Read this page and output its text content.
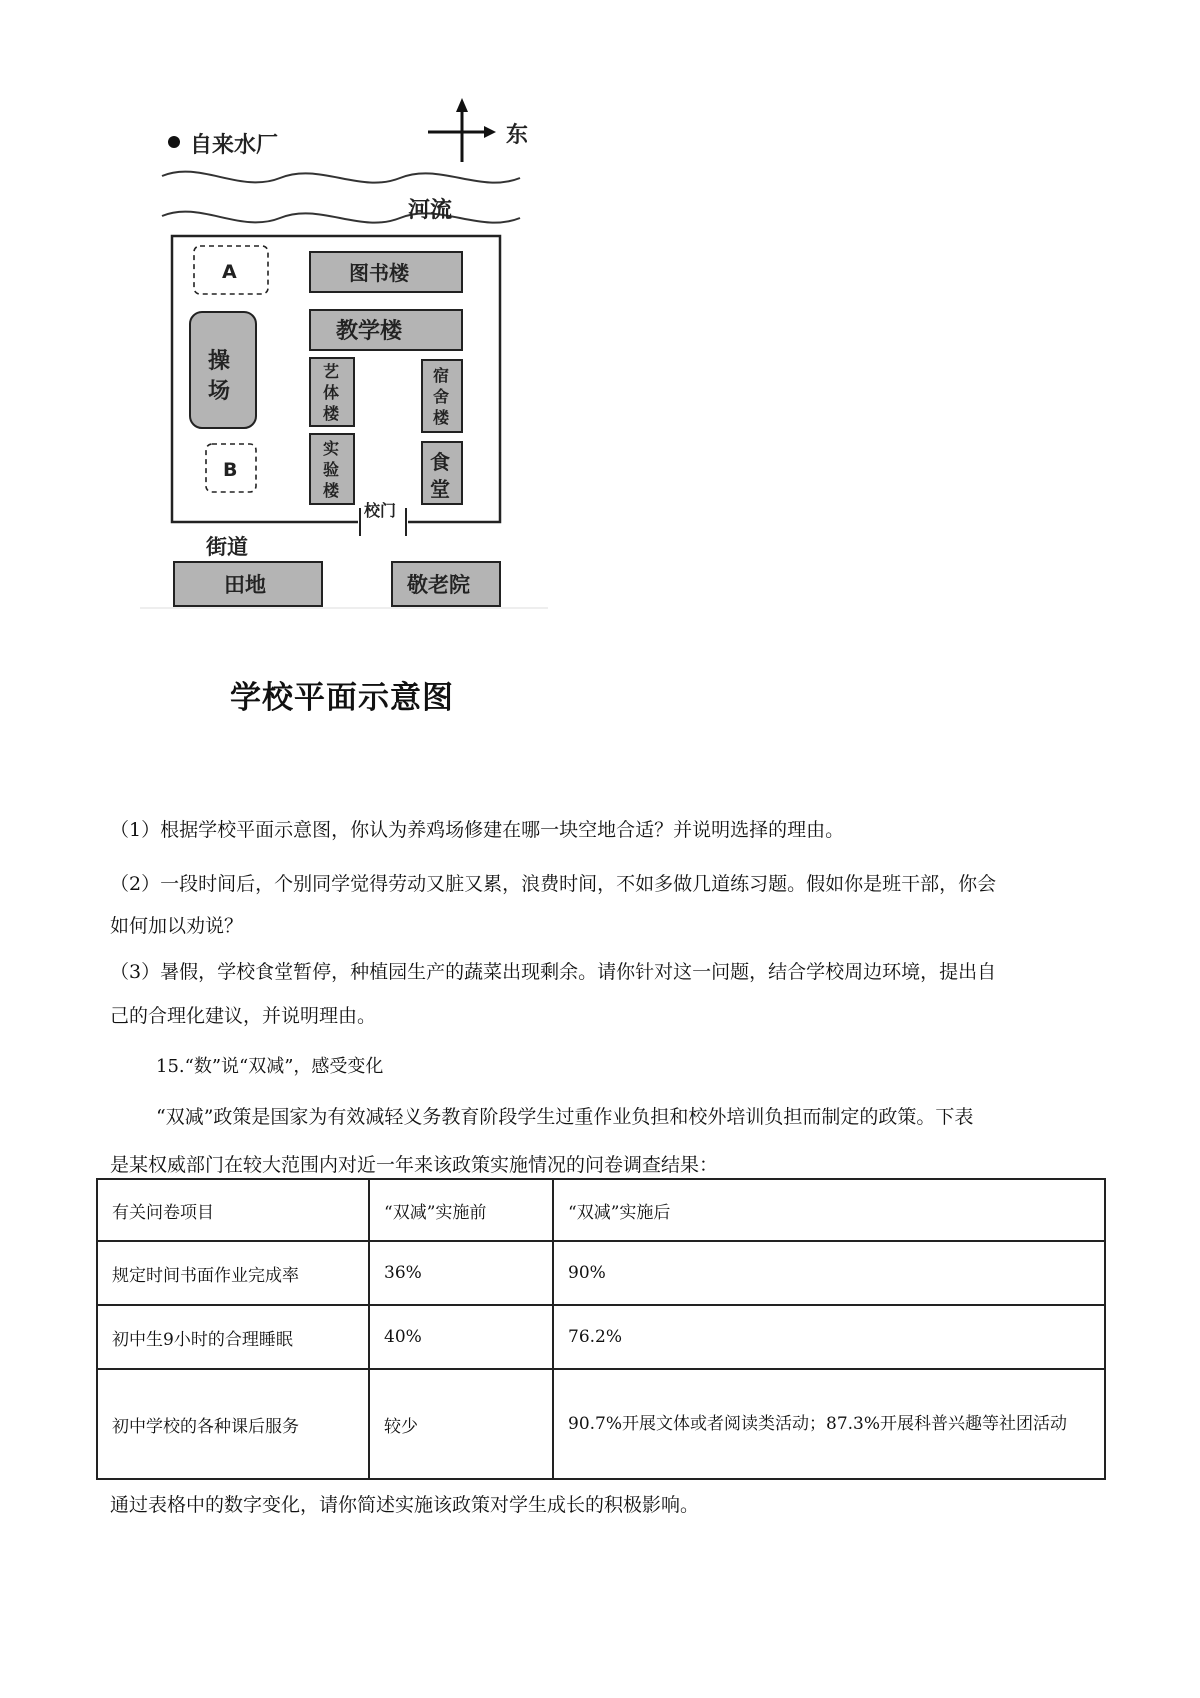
自来水厂	东
河流
校门
A
B
图书楼
教学楼
操
场
艺
体
楼
实
验
楼
宿
舍
楼
食
堂
街道
田地	敬老院
学校平面示意图
（1）根据学校平面示意图，你认为养鸡场修建在哪一块空地合适？并说明选择的理由。
（2）一段时间后，个别同学觉得劳动又脏又累，浪费时间，不如多做几道练习题。假如你是班干部，你会
如何加以劝说？
（3）暑假，学校食堂暂停，种植园生产的蔬菜出现剩余。请你针对这一问题，结合学校周边环境，提出自
己的合理化建议，并说明理由。
15.“数”说“双减”，感受变化
“双减”政策是国家为有效减轻义务教育阶段学生过重作业负担和校外培训负担而制定的政策。下表
是某权威部门在较大范围内对近一年来该政策实施情况的问卷调查结果：
有关问卷项目	“双减”实施前	“双减”实施后
规定时间书面作业完成率	36%	90%
初中生9小时的合理睡眠	40%	76.2%
初中学校的各种课后服务	较少	90.7%开展文体或者阅读类活动；87.3%开展科普兴趣等社团活动
通过表格中的数字变化，请你简述实施该政策对学生成长的积极影响。
